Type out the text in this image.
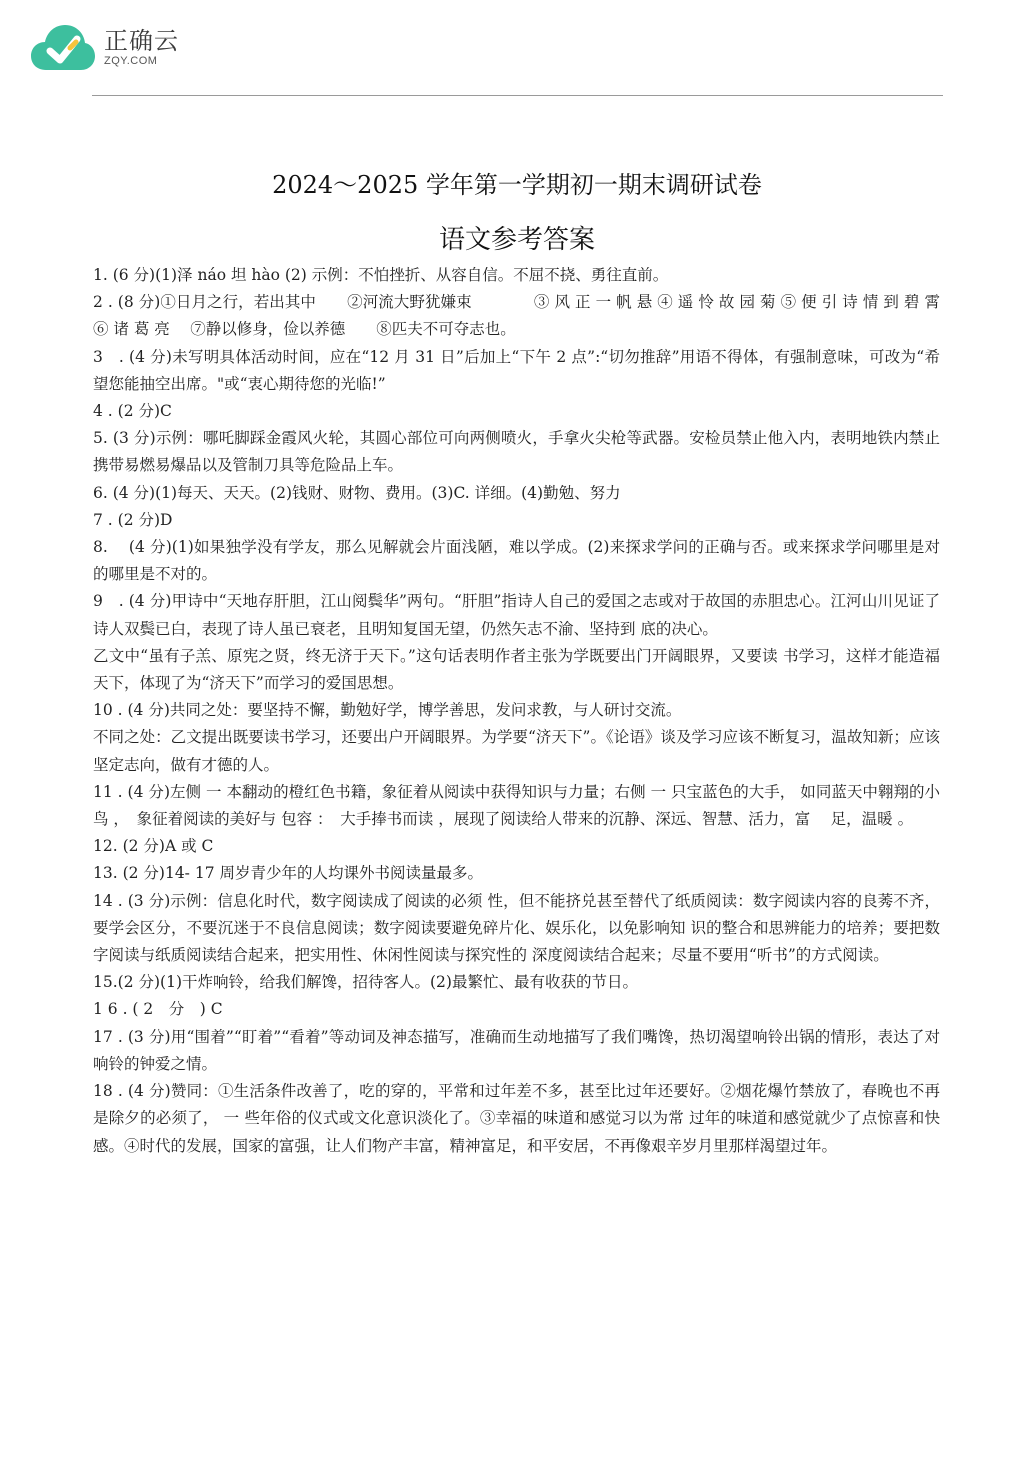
正确云
ZQY.COM
2024～2025 学年第一学期初一期末调研试卷
语文参考答案

1. (6 分)(1)泽 náo 坦 hào (2) 示例：不怕挫折、从容自信。不屈不挠、勇往直前。

2 . (8 分)①日月之行，若出其中　　②河流大野犹嫌束　　　　③ 风 正 一 帆 悬 ④ 遥 怜 故 园 菊 ⑤ 便 引 诗 情 到 碧 霄 ⑥ 诸 葛 亮　 ⑦静以修身，俭以养德　　⑧匹夫不可夺志也。

3　. (4 分)未写明具体活动时间，应在“12 月 31 日”后加上“下午 2 点”:“切勿推辞”用语不得体，有强制意味，可改为“希望您能抽空出席。"或“衷心期待您的光临!”

4 . (2 分)C

5. (3 分)示例：哪吒脚踩金霞风火轮，其圆心部位可向两侧喷火，手拿火尖枪等武器。安检员禁止他入内，表明地铁内禁止携带易燃易爆品以及管制刀具等危险品上车。

6. (4 分)(1)每天、天天。(2)钱财、财物、费用。(3)C. 详细。(4)勤勉、努力

7 . (2 分)D

8.　 (4 分)(1)如果独学没有学友，那么见解就会片面浅陋，难以学成。(2)来探求学问的正确与否。或来探求学问哪里是对的哪里是不对的。

9　. (4 分)甲诗中“天地存肝胆，江山阅鬓华”两句。“肝胆”指诗人自己的爱国之志或对于故国的赤胆忠心。江河山川见证了诗人双鬓已白，表现了诗人虽已衰老，且明知复国无望，仍然矢志不渝、坚持到 底的决心。

乙文中“虽有子羔、原宪之贤，终无济于天下。”这句话表明作者主张为学既要出门开阔眼界，又要读 书学习，这样才能造福天下，体现了为“济天下”而学习的爱国思想。

10 . (4 分)共同之处：要坚持不懈，勤勉好学，博学善思，发问求教，与人研讨交流。

不同之处：乙文提出既要读书学习，还要出户开阔眼界。为学要“济天下”。《论语》谈及学习应该不断复习，温故知新；应该坚定志向，做有才德的人。

11 . (4 分)左侧 一 本翻动的橙红色书籍，象征着从阅读中获得知识与力量；右侧 一 只宝蓝色的大手， 如同蓝天中翱翔的小鸟 ，　象征着阅读的美好与 包容 ：　大手捧书而读 ，展现了阅读给人带来的沉静、深远、智慧、活力，富　 足，温暖 。

12. (2 分)A 或 C

13. (2 分)14- 17 周岁青少年的人均课外书阅读量最多。

14 . (3 分)示例：信息化时代，数字阅读成了阅读的必须 性，但不能挤兑甚至替代了纸质阅读：数字阅读内容的良莠不齐，要学会区分，不要沉迷于不良信息阅读；数字阅读要避免碎片化、娱乐化，以免影响知 识的整合和思辨能力的培养；要把数字阅读与纸质阅读结合起来，把实用性、休闲性阅读与探究性的 深度阅读结合起来；尽量不要用“听书”的方式阅读。

15.(2 分)(1)干炸响铃，给我们解馋，招待客人。(2)最繁忙、最有收获的节日。

1 6 . ( 2　分　) C

17 . (3 分)用“围着”“盯着”“看着”等动词及神态描写，准确而生动地描写了我们嘴馋，热切渴望响铃出锅的情形，表达了对响铃的钟爱之情。

18 . (4 分)赞同：①生活条件改善了，吃的穿的，平常和过年差不多，甚至比过年还要好。②烟花爆竹禁放了，春晚也不再是除夕的必须了， 一 些年俗的仪式或文化意识淡化了。③幸福的味道和感觉习以为常 过年的味道和感觉就少了点惊喜和快感。④时代的发展，国家的富强，让人们物产丰富，精神富足，和平安居，不再像艰辛岁月里那样渴望过年。
